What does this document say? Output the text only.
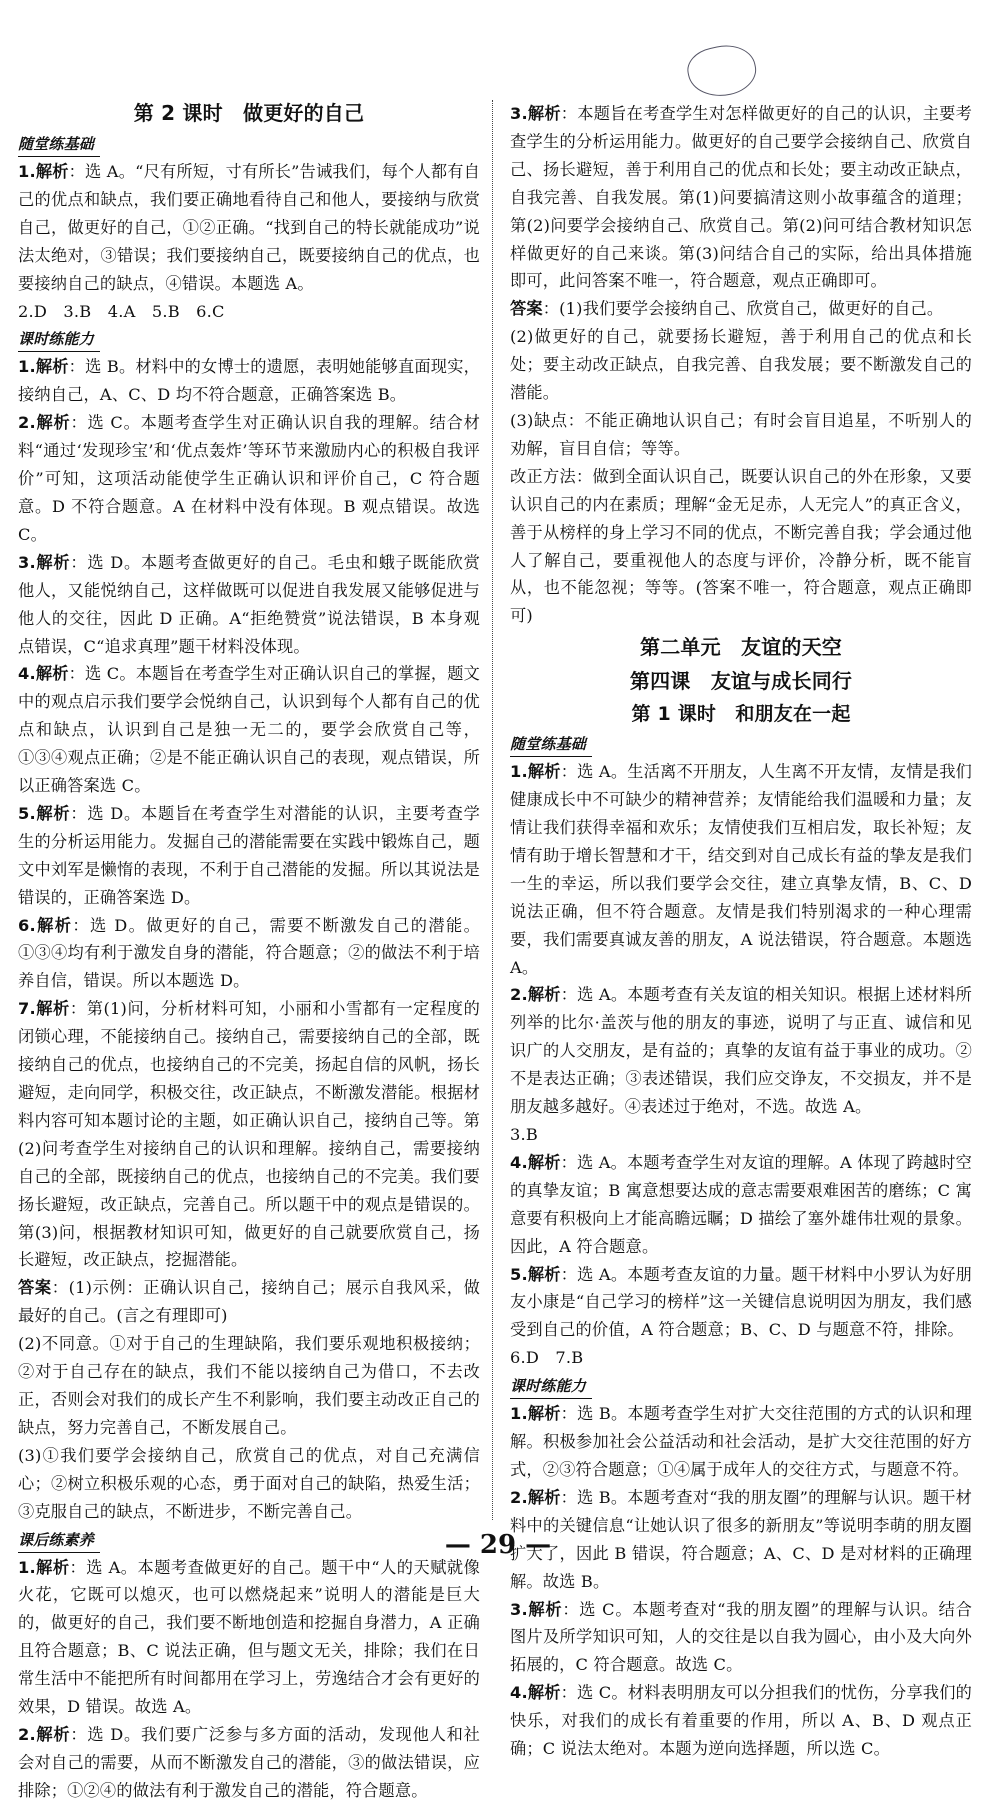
第 2 课时　做更好的自己
随堂练基础

1.解析：选 A。“尺有所短，寸有所长”告诫我们，每个人都有自己的优点和缺点，我们要正确地看待自己和他人，要接纳与欣赏自己，做更好的自己，①②正确。“找到自己的特长就能成功”说法太绝对，③错误；我们要接纳自己，既要接纳自己的优点，也要接纳自己的缺点，④错误。本题选 A。

2.D　3.B　4.A　5.B　6.C

课时练能力

1.解析：选 B。材料中的女博士的遗愿，表明她能够直面现实，接纳自己，A、C、D 均不符合题意，正确答案选 B。

2.解析：选 C。本题考查学生对正确认识自我的理解。结合材料“通过‘发现珍宝’和‘优点轰炸’等环节来激励内心的积极自我评价”可知，这项活动能使学生正确认识和评价自己，C 符合题意。D 不符合题意。A 在材料中没有体现。B 观点错误。故选 C。

3.解析：选 D。本题考查做更好的自己。毛虫和蛾子既能欣赏他人，又能悦纳自己，这样做既可以促进自我发展又能够促进与他人的交往，因此 D 正确。A“拒绝赞赏”说法错误，B 本身观点错误，C“追求真理”题干材料没体现。

4.解析：选 C。本题旨在考查学生对正确认识自己的掌握，题文中的观点启示我们要学会悦纳自己，认识到每个人都有自己的优点和缺点，认识到自己是独一无二的，要学会欣赏自己等，①③④观点正确；②是不能正确认识自己的表现，观点错误，所以正确答案选 C。

5.解析：选 D。本题旨在考查学生对潜能的认识，主要考查学生的分析运用能力。发掘自己的潜能需要在实践中锻炼自己，题文中刘军是懒惰的表现，不利于自己潜能的发掘。所以其说法是错误的，正确答案选 D。

6.解析：选 D。做更好的自己，需要不断激发自己的潜能。①③④均有利于激发自身的潜能，符合题意；②的做法不利于培养自信，错误。所以本题选 D。

7.解析：第(1)问，分析材料可知，小丽和小雪都有一定程度的闭锁心理，不能接纳自己。接纳自己，需要接纳自己的全部，既接纳自己的优点，也接纳自己的不完美，扬起自信的风帆，扬长避短，走向同学，积极交往，改正缺点，不断激发潜能。根据材料内容可知本题讨论的主题，如正确认识自己，接纳自己等。第(2)问考查学生对接纳自己的认识和理解。接纳自己，需要接纳自己的全部，既接纳自己的优点，也接纳自己的不完美。我们要扬长避短，改正缺点，完善自己。所以题干中的观点是错误的。第(3)问，根据教材知识可知，做更好的自己就要欣赏自己，扬长避短，改正缺点，挖掘潜能。

答案：(1)示例：正确认识自己，接纳自己；展示自我风采，做最好的自己。(言之有理即可)

(2)不同意。①对于自己的生理缺陷，我们要乐观地积极接纳；②对于自己存在的缺点，我们不能以接纳自己为借口，不去改正，否则会对我们的成长产生不利影响，我们要主动改正自己的缺点，努力完善自己，不断发展自己。

(3)①我们要学会接纳自己，欣赏自己的优点，对自己充满信心；②树立积极乐观的心态，勇于面对自己的缺陷，热爱生活；③克服自己的缺点，不断进步，不断完善自己。

课后练素养

1.解析：选 A。本题考查做更好的自己。题干中“人的天赋就像火花，它既可以熄灭，也可以燃烧起来”说明人的潜能是巨大的，做更好的自己，我们要不断地创造和挖掘自身潜力，A 正确且符合题意；B、C 说法正确，但与题文无关，排除；我们在日常生活中不能把所有时间都用在学习上，劳逸结合才会有更好的效果，D 错误。故选 A。

2.解析：选 D。我们要广泛参与多方面的活动，发现他人和社会对自己的需要，从而不断激发自己的潜能，③的做法错误，应排除；①②④的做法有利于激发自己的潜能，符合题意。

3.解析：本题旨在考查学生对怎样做更好的自己的认识，主要考查学生的分析运用能力。做更好的自己要学会接纳自己、欣赏自己、扬长避短，善于利用自己的优点和长处；要主动改正缺点，自我完善、自我发展。第(1)问要搞清这则小故事蕴含的道理；第(2)问要学会接纳自己、欣赏自己。第(2)问可结合教材知识怎样做更好的自己来谈。第(3)问结合自己的实际，给出具体措施即可，此问答案不唯一，符合题意，观点正确即可。

答案：(1)我们要学会接纳自己、欣赏自己，做更好的自己。

(2)做更好的自己，就要扬长避短，善于利用自己的优点和长处；要主动改正缺点，自我完善、自我发展；要不断激发自己的潜能。

(3)缺点：不能正确地认识自己；有时会盲目追星，不听别人的劝解，盲目自信；等等。

改正方法：做到全面认识自己，既要认识自己的外在形象，又要认识自己的内在素质；理解“金无足赤，人无完人”的真正含义，善于从榜样的身上学习不同的优点，不断完善自我；学会通过他人了解自己，要重视他人的态度与评价，冷静分析，既不能盲从，也不能忽视；等等。(答案不唯一，符合题意，观点正确即可)

第二单元　友谊的天空
第四课　友谊与成长同行
第 1 课时　和朋友在一起
随堂练基础

1.解析：选 A。生活离不开朋友，人生离不开友情，友情是我们健康成长中不可缺少的精神营养；友情能给我们温暖和力量；友情让我们获得幸福和欢乐；友情使我们互相启发，取长补短；友情有助于增长智慧和才干，结交到对自己成长有益的挚友是我们一生的幸运，所以我们要学会交往，建立真挚友情，B、C、D 说法正确，但不符合题意。友情是我们特别渴求的一种心理需要，我们需要真诚友善的朋友，A 说法错误，符合题意。本题选 A。

2.解析：选 A。本题考查有关友谊的相关知识。根据上述材料所列举的比尔·盖茨与他的朋友的事迹，说明了与正直、诚信和见识广的人交朋友，是有益的；真挚的友谊有益于事业的成功。②不是表达正确；③表述错误，我们应交诤友，不交损友，并不是朋友越多越好。④表述过于绝对，不选。故选 A。

3.B

4.解析：选 A。本题考查学生对友谊的理解。A 体现了跨越时空的真挚友谊；B 寓意想要达成的意志需要艰难困苦的磨练；C 寓意要有积极向上才能高瞻远瞩；D 描绘了塞外雄伟壮观的景象。因此，A 符合题意。

5.解析：选 A。本题考查友谊的力量。题干材料中小罗认为好朋友小康是“自己学习的榜样”这一关键信息说明因为朋友，我们感受到自己的价值，A 符合题意；B、C、D 与题意不符，排除。

6.D　7.B

课时练能力

1.解析：选 B。本题考查学生对扩大交往范围的方式的认识和理解。积极参加社会公益活动和社会活动，是扩大交往范围的好方式，②③符合题意；①④属于成年人的交往方式，与题意不符。

2.解析：选 B。本题考查对“我的朋友圈”的理解与认识。题干材料中的关键信息“让她认识了很多的新朋友”等说明李萌的朋友圈扩大了，因此 B 错误，符合题意；A、C、D 是对材料的正确理解。故选 B。

3.解析：选 C。本题考查对“我的朋友圈”的理解与认识。结合图片及所学知识可知，人的交往是以自我为圆心，由小及大向外拓展的，C 符合题意。故选 C。

4.解析：选 C。材料表明朋友可以分担我们的忧伤，分享我们的快乐，对我们的成长有着重要的作用，所以 A、B、D 观点正确；C 说法太绝对。本题为逆向选择题，所以选 C。

— 29 —
